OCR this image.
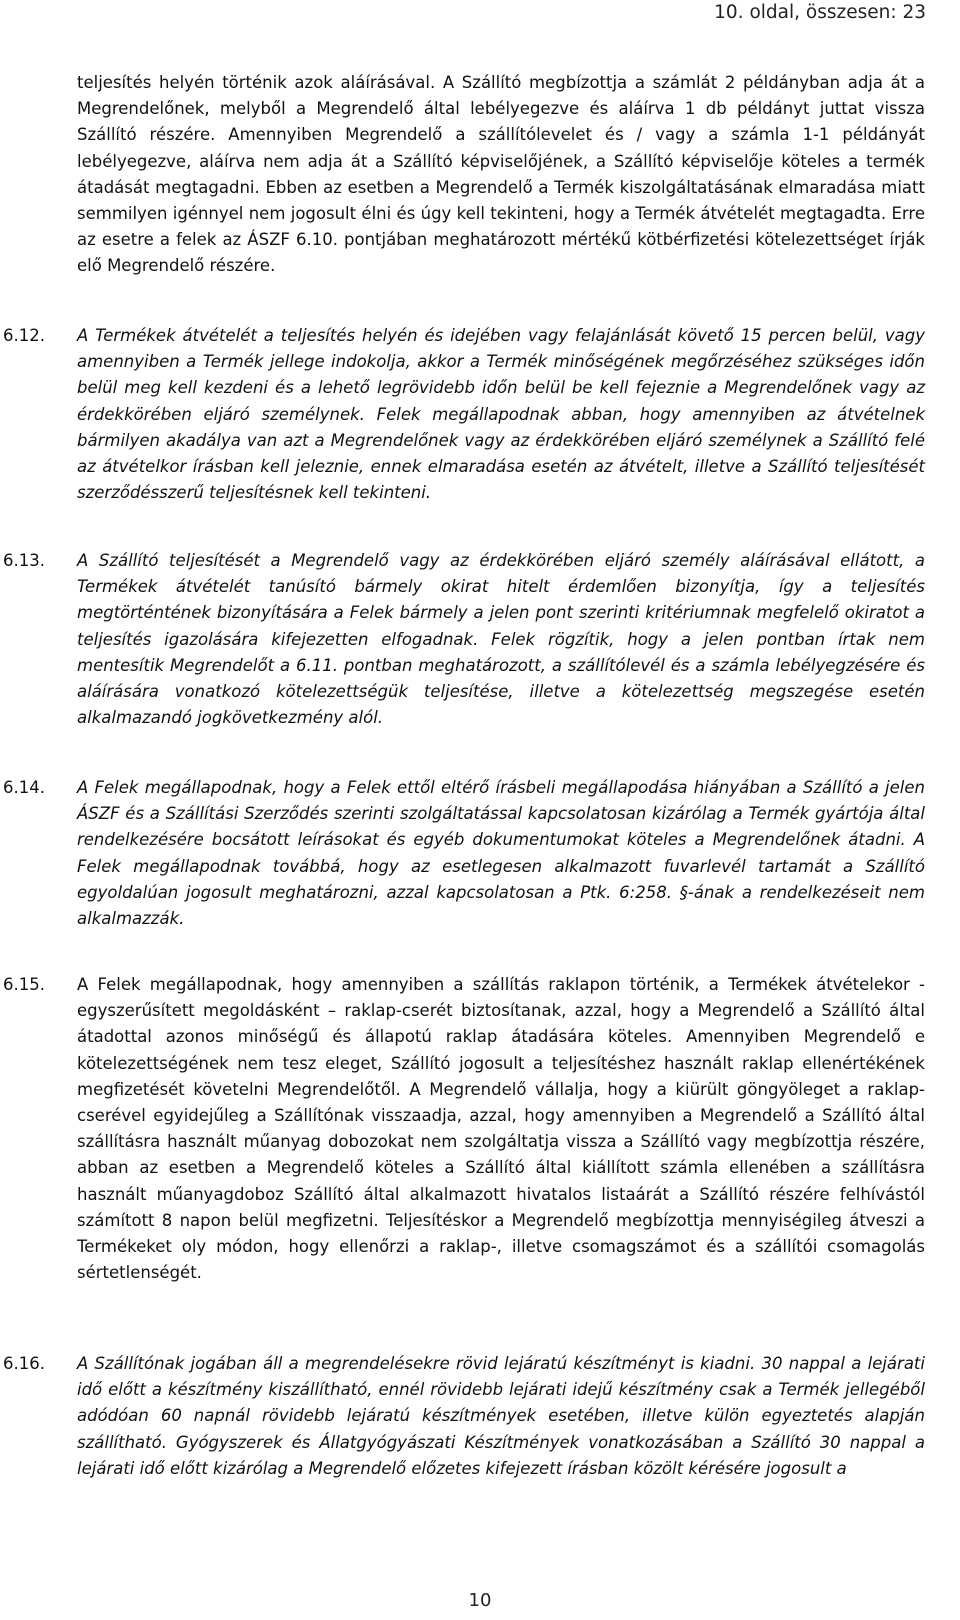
10. oldal, összesen: 23

teljesítés helyén történik azok aláírásával. A Szállító megbízottja a számlát 2 példányban adja át a Megrendelőnek, melyből a Megrendelő által lebélyegezve és aláírva 1 db példányt juttat vissza Szállító részére. Amennyiben Megrendelő a szállítólevelet és / vagy a számla 1-1 példányát lebélyegezve, aláírva nem adja át a Szállító képviselőjének, a Szállító képviselője köteles a termék átadását megtagadni. Ebben az esetben a Megrendelő a Termék kiszolgáltatásának elmaradása miatt semmilyen igénnyel nem jogosult élni és úgy kell tekinteni, hogy a Termék átvételét megtagadta. Erre az esetre a felek az ÁSZF 6.10. pontjában meghatározott mértékű kötbérfizetési kötelezettséget írják elő Megrendelő részére.

6.12. A Termékek átvételét a teljesítés helyén és idejében vagy felajánlását követő 15 percen belül, vagy amennyiben a Termék jellege indokolja, akkor a Termék minőségének megőrzéséhez szükséges időn belül meg kell kezdeni és a lehető legrövidebb időn belül be kell fejeznie a Megrendelőnek vagy az érdekkörében eljáró személynek. Felek megállapodnak abban, hogy amennyiben az átvételnek bármilyen akadálya van azt a Megrendelőnek vagy az érdekkörében eljáró személynek a Szállító felé az átvételkor írásban kell jeleznie, ennek elmaradása esetén az átvételt, illetve a Szállító teljesítését szerződésszerű teljesítésnek kell tekinteni.

6.13. A Szállító teljesítését a Megrendelő vagy az érdekkörében eljáró személy aláírásával ellátott, a Termékek átvételét tanúsító bármely okirat hitelt érdemlően bizonyítja, így a teljesítés megtörténtének bizonyítására a Felek bármely a jelen pont szerinti kritériumnak megfelelő okiratot a teljesítés igazolására kifejezetten elfogadnak. Felek rögzítik, hogy a jelen pontban írtak nem mentesítik Megrendelőt a 6.11. pontban meghatározott, a szállítólevél és a számla lebélyegzésére és aláírására vonatkozó kötelezettségük teljesítése, illetve a kötelezettség megszegése esetén alkalmazandó jogkövetkezmény alól.

6.14. A Felek megállapodnak, hogy a Felek ettől eltérő írásbeli megállapodása hiányában a Szállító a jelen ÁSZF és a Szállítási Szerződés szerinti szolgáltatással kapcsolatosan kizárólag a Termék gyártója által rendelkezésére bocsátott leírásokat és egyéb dokumentumokat köteles a Megrendelőnek átadni. A Felek megállapodnak továbbá, hogy az esetlegesen alkalmazott fuvarlevél tartamát a Szállító egyoldalúan jogosult meghatározni, azzal kapcsolatosan a Ptk. 6:258. §-ának a rendelkezéseit nem alkalmazzák.

6.15. A Felek megállapodnak, hogy amennyiben a szállítás raklapon történik, a Termékek átvételekor - egyszerűsített megoldásként – raklap-cserét biztosítanak, azzal, hogy a Megrendelő a Szállító által átadottal azonos minőségű és állapotú raklap átadására köteles. Amennyiben Megrendelő e kötelezettségének nem tesz eleget, Szállító jogosult a teljesítéshez használt raklap ellenértékének megfizetését követelni Megrendelőtől. A Megrendelő vállalja, hogy a kiürült göngyöleget a raklap-cserével egyidejűleg a Szállítónak visszaadja, azzal, hogy amennyiben a Megrendelő a Szállító által szállításra használt műanyag dobozokat nem szolgáltatja vissza a Szállító vagy megbízottja részére, abban az esetben a Megrendelő köteles a Szállító által kiállított számla ellenében a szállításra használt műanyagdoboz Szállító által alkalmazott hivatalos listaárát a Szállító részére felhívástól számított 8 napon belül megfizetni. Teljesítéskor a Megrendelő megbízottja mennyiségileg átveszi a Termékeket oly módon, hogy ellenőrzi a raklap-, illetve csomagszámot és a szállítói csomagolás sértetlenségét.

6.16. A Szállítónak jogában áll a megrendelésekre rövid lejáratú készítményt is kiadni. 30 nappal a lejárati idő előtt a készítmény kiszállítható, ennél rövidebb lejárati idejű készítmény csak a Termék jellegéből adódóan 60 napnál rövidebb lejáratú készítmények esetében, illetve külön egyeztetés alapján szállítható. Gyógyszerek és Állatgyógyászati Készítmények vonatkozásában a Szállító 30 nappal a lejárati idő előtt kizárólag a Megrendelő előzetes kifejezett írásban közölt kérésére jogosult a

10
